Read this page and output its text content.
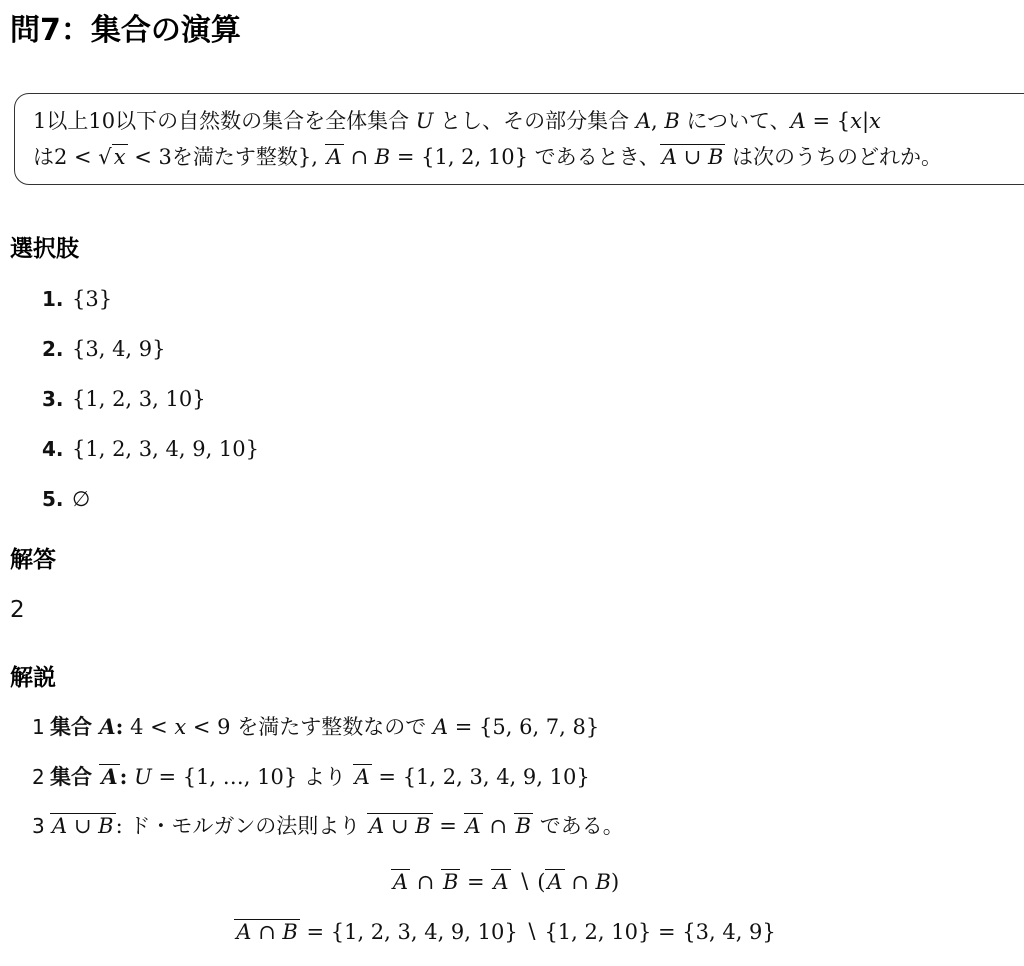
問7：集合の演算
1以上10以下の自然数の集合を全体集合 U とし、その部分集合 A, B について、A = {x|x
は2 < √x < 3を満たす整数}, A ∩ B = {1, 2, 10} であるとき、A ∪ B は次のうちのどれか。
選択肢
1. {3}
2. {3, 4, 9}
3. {1, 2, 3, 10}
4. {1, 2, 3, 4, 9, 10}
5. ∅
解答

2

解説
1 集合 A: 4 < x < 9 を満たす整数なので A = {5, 6, 7, 8}
2 集合 A: U = {1, …, 10} より A = {1, 2, 3, 4, 9, 10}
3 A ∪ B: ド・モルガンの法則より A ∪ B = A ∩ B である。
A ∩ B = A ∖ (A ∩ B)
A ∩ B = {1, 2, 3, 4, 9, 10} ∖ {1, 2, 10} = {3, 4, 9}
